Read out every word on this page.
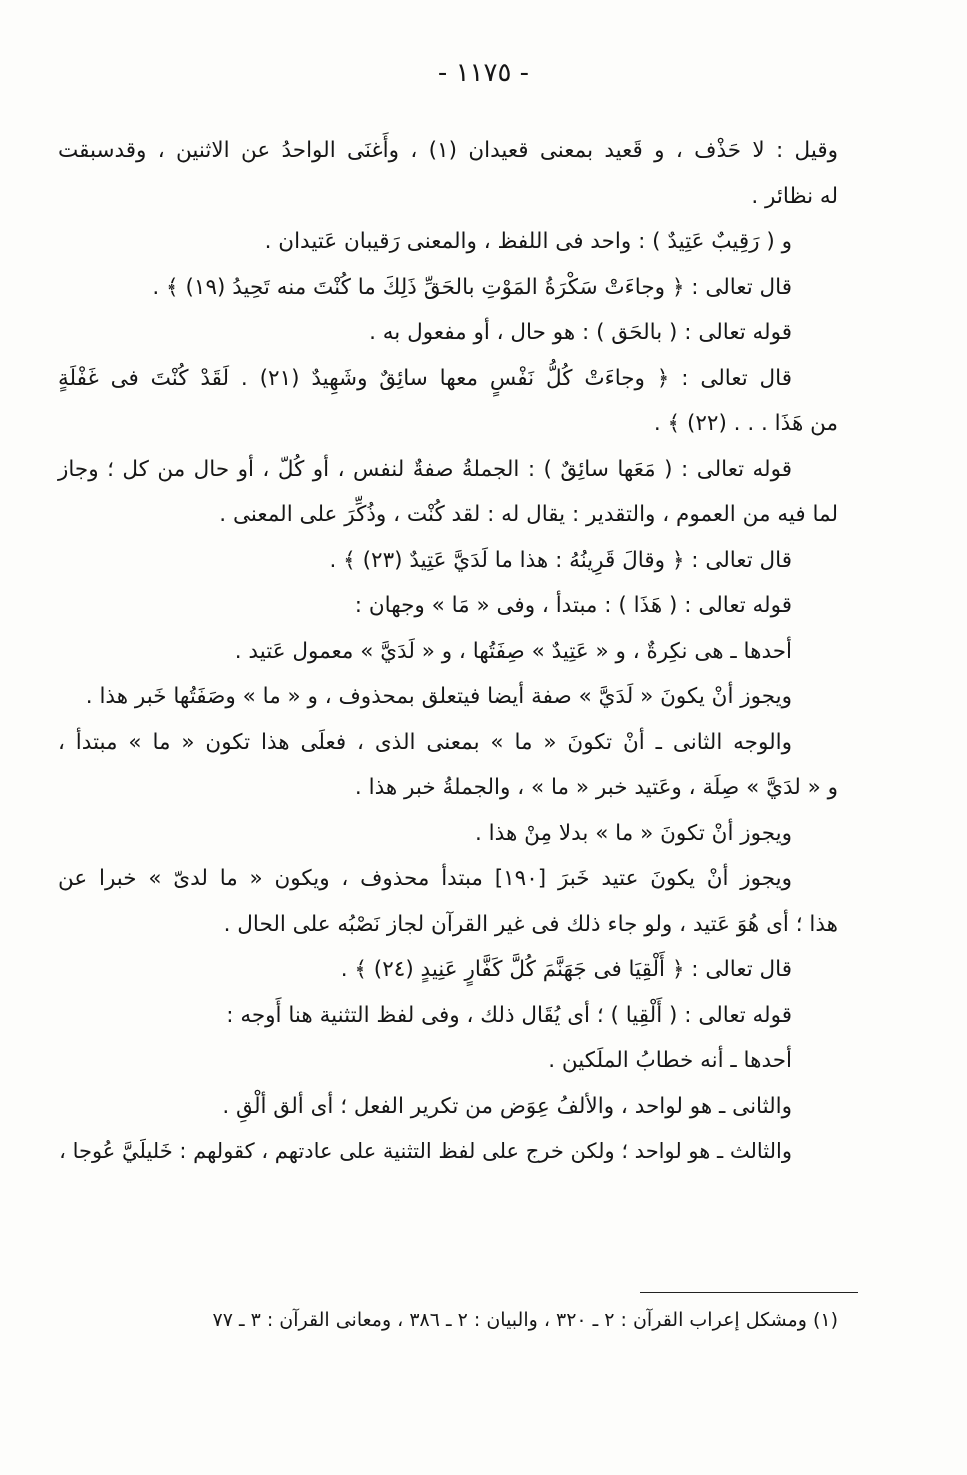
- ١١٧٥ -
وقيل : لا حَذْف ، و قَعيد بمعنى قعيدان (١) ، وأَغنَى الواحدُ عن الاثنين ، وقدسبقت
له نظائر .
و ( رَقِيبٌ عَتِيدٌ ) : واحد فى اللفظ ، والمعنى رَقيبان عَتيدان .
قال تعالى : ﴿ وجاءَتْ سَكْرَةُ المَوْتِ بالحَقِّ ذَلِكَ ما كُنْتَ منه تَحِيدُ (١٩) ﴾ .
قوله تعالى : ( بالحَق ) : هو حال ، أو مفعول به .
قال تعالى : ﴿ وجاءَتْ كُلُّ نَفْسٍ معها سائِقٌ وشَهِيدٌ (٢١) . لَقَدْ كُنْتَ فى غَفْلَةٍ
من هَذَا . . . (٢٢) ﴾ .
قوله تعالى : ( مَعَها سائِقٌ ) : الجملةُ صفةٌ لنفس ، أو كُلّ ، أو حال من كل ؛ وجاز
لما فيه من العموم ، والتقدير : يقال له : لقد كُنْت ، وذُكِّرَ على المعنى .
قال تعالى : ﴿ وقالَ قَرِينُهُ : هذا ما لَدَيَّ عَتِيدٌ (٢٣) ﴾ .
قوله تعالى : ( هَذَا ) : مبتدأ ، وفى « مَا » وجهان :
أحدها ـ هى نكِرةٌ ، و « عَتِيدٌ » صِفَتُها ، و « لَدَيَّ » معمول عَتيد .
ويجوز أنْ يكونَ « لَدَيَّ » صفة أيضا فيتعلق بمحذوف ، و « ما » وصَفَتُها خَبر هذا .
والوجه الثانى ـ أنْ تكونَ « ما » بمعنى الذى ، فعلَى هذا تكون « ما » مبتدأ ،
و « لدَيَّ » صِلَة ، وعَتيد خبر « ما » ، والجملةُ خبر هذا .
ويجوز أنْ تكونَ « ما » بدلا مِنْ هذا .
ويجوز أنْ يكونَ عتيد خَبرَ [١٩٠] مبتدأ محذوف ، ويكون « ما لدىّ » خبرا عن
هذا ؛ أى هُوَ عَتيد ، ولو جاء ذلك فى غير القرآن لجاز نَصْبُه على الحال .
قال تعالى : ﴿ أَلْقِيَا فى جَهَنَّمَ كُلَّ كَفَّارٍ عَنِيدٍ (٢٤) ﴾ .
قوله تعالى : ( أَلْقِيا ) ؛ أى يُقَال ذلك ، وفى لفظ التثنية هنا أَوجه :
أحدها ـ أنه خطابُ الملَكين .
والثانى ـ هو لواحد ، والألفُ عِوَض من تكرير الفعل ؛ أى ألق ألْقِ .
والثالث ـ هو لواحد ؛ ولكن خرج على لفظ التثنية على عادتهم ، كقولهم : خَليلَيَّ عُوجا ،
(١) ومشكل إعراب القرآن : ٢ ـ ٣٢٠ ، والبيان : ٢ ـ ٣٨٦ ، ومعانى القرآن : ٣ ـ ٧٧
